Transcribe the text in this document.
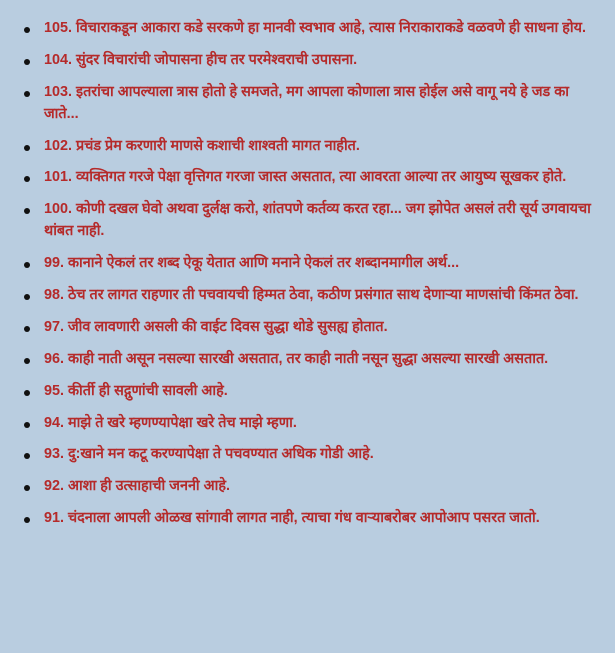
105. विचाराकडून आकारा कडे सरकणे हा मानवी स्वभाव आहे, त्यास निराकाराकडे वळवणे ही साधना होय.
104. सुंदर विचारांची जोपासना हीच तर परमेश्वराची उपासना.
103. इतरांचा आपल्याला त्रास होतो हे समजते, मग आपला कोणाला त्रास होईल असे वागू नये हे जड का जाते...
102. प्रचंड प्रेम करणारी माणसे कशाची शाश्वती मागत नाहीत.
101. व्यक्तिगत गरजे पेक्षा वृत्तिगत गरजा जास्त असतात, त्या आवरता आल्या तर आयुष्य सूखकर होते.
100. कोणी दखल घेवो अथवा दुर्लक्ष करो, शांतपणे कर्तव्य करत रहा... जग झोपेत असलं तरी सूर्य उगवायचा थांबत नाही.
99. कानाने ऐकलं तर शब्द ऐकू येतात आणि मनाने ऐकलं तर शब्दानमागील अर्थ...
98. ठेच तर लागत राहणार ती पचवायची हिम्मत ठेवा, कठीण प्रसंगात साथ देणाऱ्या माणसांची किंमत ठेवा.
97. जीव लावणारी असली की वाईट दिवस सुद्धा थोडे सुसह्य होतात.
96. काही नाती असून नसल्या सारखी असतात, तर काही नाती नसून सुद्धा असल्या सारखी असतात.
95. कीर्ती ही सद्गुणांची सावली आहे.
94. माझे ते खरे म्हणण्यापेक्षा खरे तेच माझे म्हणा.
93. दु:खाने मन कटू करण्यापेक्षा ते पचवण्यात अधिक गोडी आहे.
92. आशा ही उत्साहाची जननी आहे.
91. चंदनाला आपली ओळख सांगावी लागत नाही, त्याचा गंध वाऱ्याबरोबर आपोआप पसरत जातो.
